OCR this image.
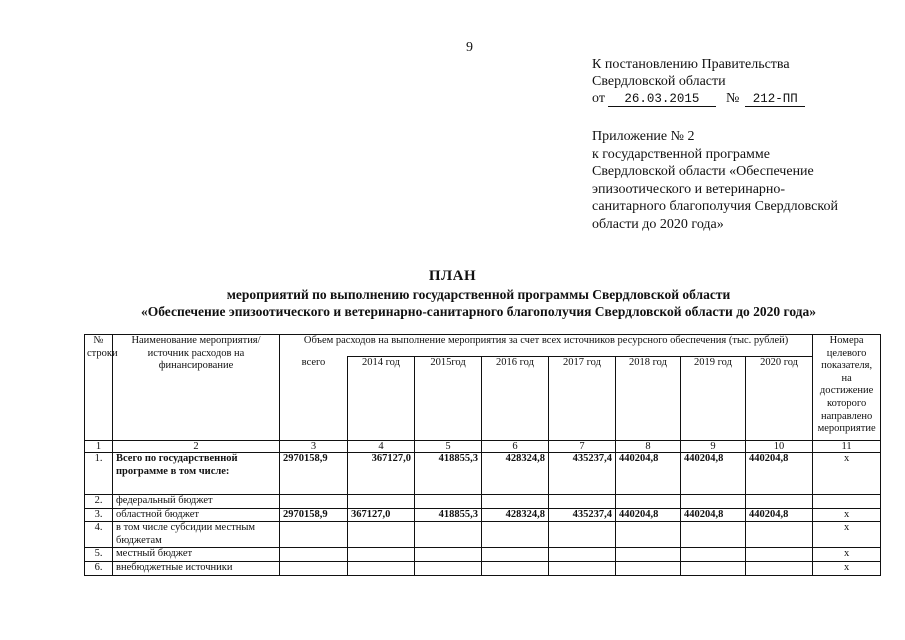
9
К постановлению Правительства
Свердловской области
от	26.03.2015	№	212-ПП
Приложение № 2
к государственной программе
Свердловской области «Обеспечение
эпизоотического и ветеринарно-
санитарного благополучия Свердловской
области до 2020 года»
ПЛАН
мероприятий по выполнению государственной программы Свердловской области
«Обеспечение эпизоотического и ветеринарно-санитарного благополучия Свердловской области до 2020 года»
№ строки	Наименование мероприятия/ источник расходов на финансирование	Объем расходов на выполнение мероприятия за счет всех источников ресурсного обеспечения (тыс. рублей)								Номера целевого показателя, на достижение которого направлено мероприятие
		всего	2014 год	2015год	2016 год	2017 год	2018 год	2019 год	2020 год	
1	2	3	4	5	6	7	8	9	10	11
1.	Всего по государственной программе в том числе:	2970158,9	367127,0	418855,3	428324,8	435237,4	440204,8	440204,8	440204,8	х
2.	федеральный бюджет									
3.	областной бюджет	2970158,9	367127,0	418855,3	428324,8	435237,4	440204,8	440204,8	440204,8	х
4.	в том числе субсидии местным бюджетам									х
5.	местный бюджет									х
6.	внебюджетные источники									х
